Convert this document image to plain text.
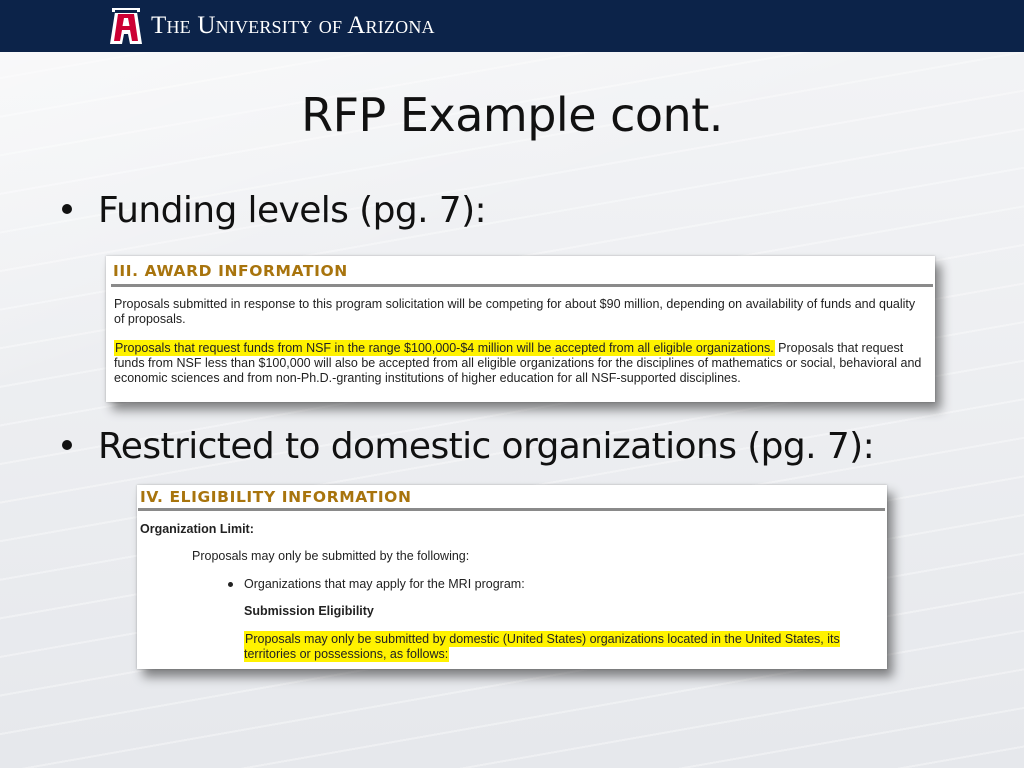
The University of Arizona
RFP Example cont.
Funding levels (pg. 7):
III. AWARD INFORMATION
Proposals submitted in response to this program solicitation will be competing for about $90 million, depending on availability of funds and quality of proposals.
Proposals that request funds from NSF in the range $100,000-$4 million will be accepted from all eligible organizations. Proposals that request funds from NSF less than $100,000 will also be accepted from all eligible organizations for the disciplines of mathematics or social, behavioral and economic sciences and from non-Ph.D.-granting institutions of higher education for all NSF-supported disciplines.
Restricted to domestic organizations (pg. 7):
IV. ELIGIBILITY INFORMATION
Organization Limit:
Proposals may only be submitted by the following:
Organizations that may apply for the MRI program:
Submission Eligibility
Proposals may only be submitted by domestic (United States) organizations located in the United States, its territories or possessions, as follows:
